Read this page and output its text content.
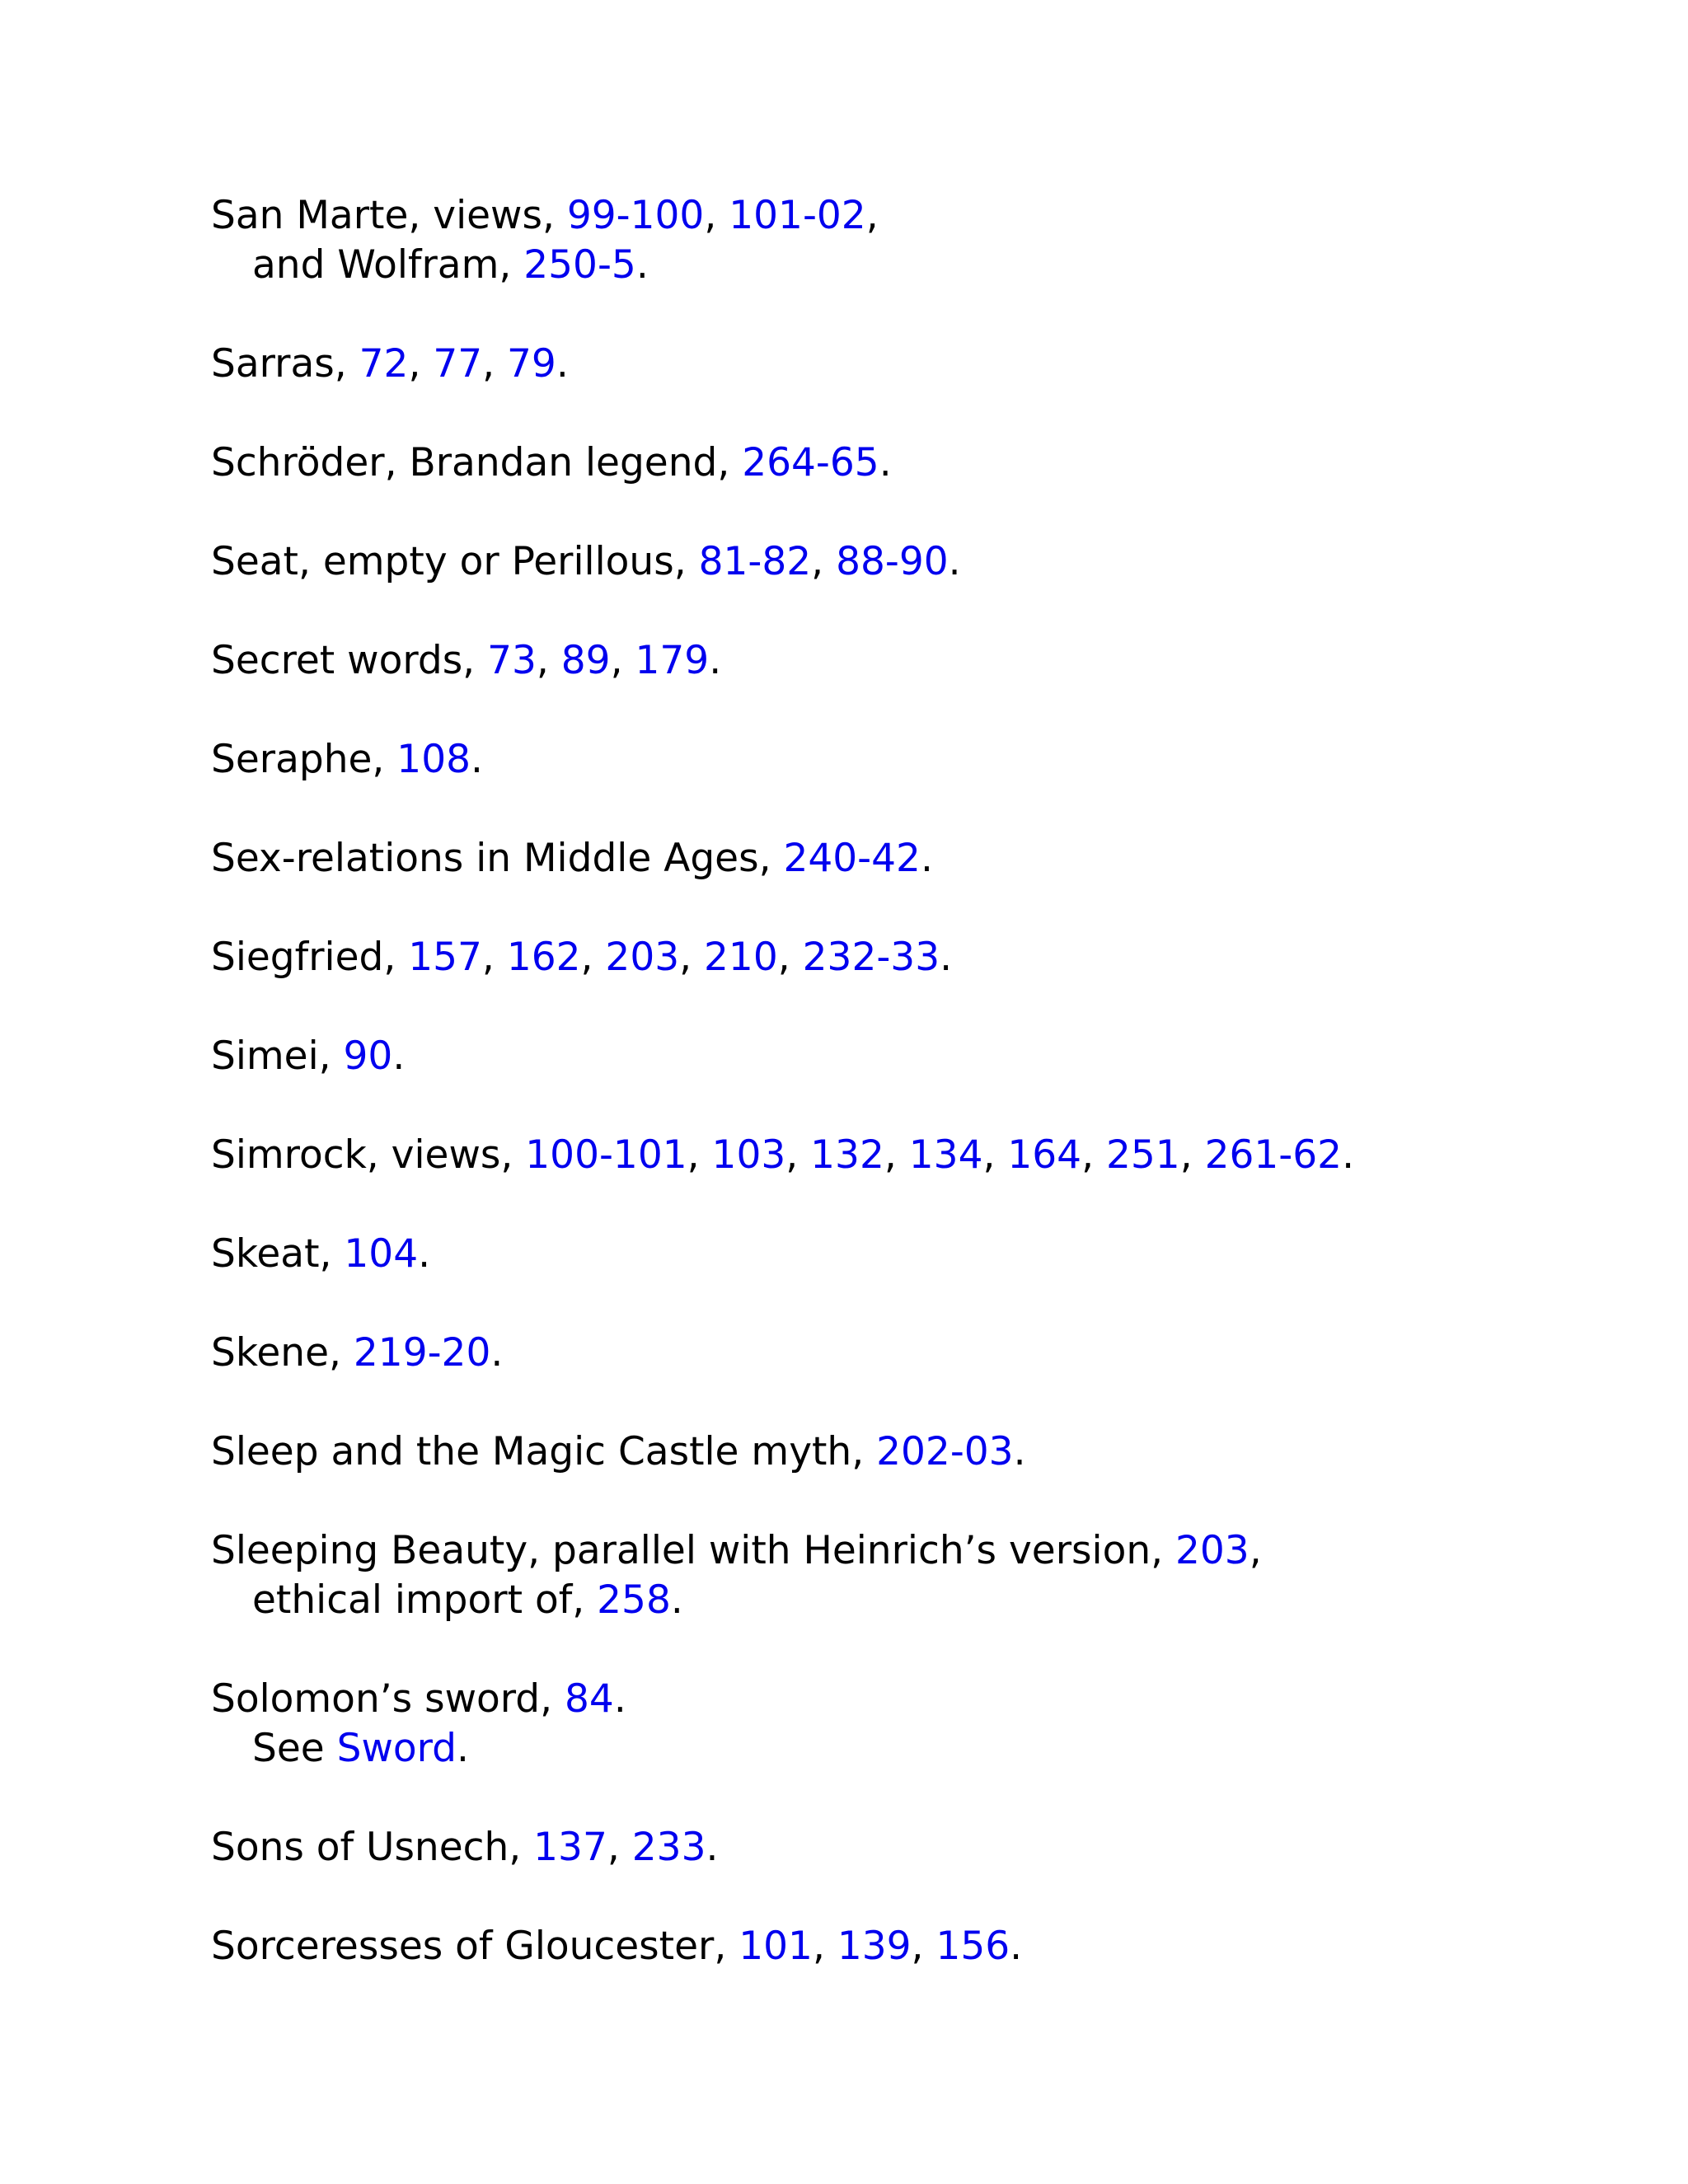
San Marte, views, 99-100, 101-02,
and Wolfram, 250-5.
Sarras, 72, 77, 79.
Schröder, Brandan legend, 264-65.
Seat, empty or Perillous, 81-82, 88-90.
Secret words, 73, 89, 179.
Seraphe, 108.
Sex-relations in Middle Ages, 240-42.
Siegfried, 157, 162, 203, 210, 232-33.
Simei, 90.
Simrock, views, 100-101, 103, 132, 134, 164, 251, 261-62.
Skeat, 104.
Skene, 219-20.
Sleep and the Magic Castle myth, 202-03.
Sleeping Beauty, parallel with Heinrich’s version, 203,
ethical import of, 258.
Solomon’s sword, 84.
See Sword.
Sons of Usnech, 137, 233.
Sorceresses of Gloucester, 101, 139, 156.
